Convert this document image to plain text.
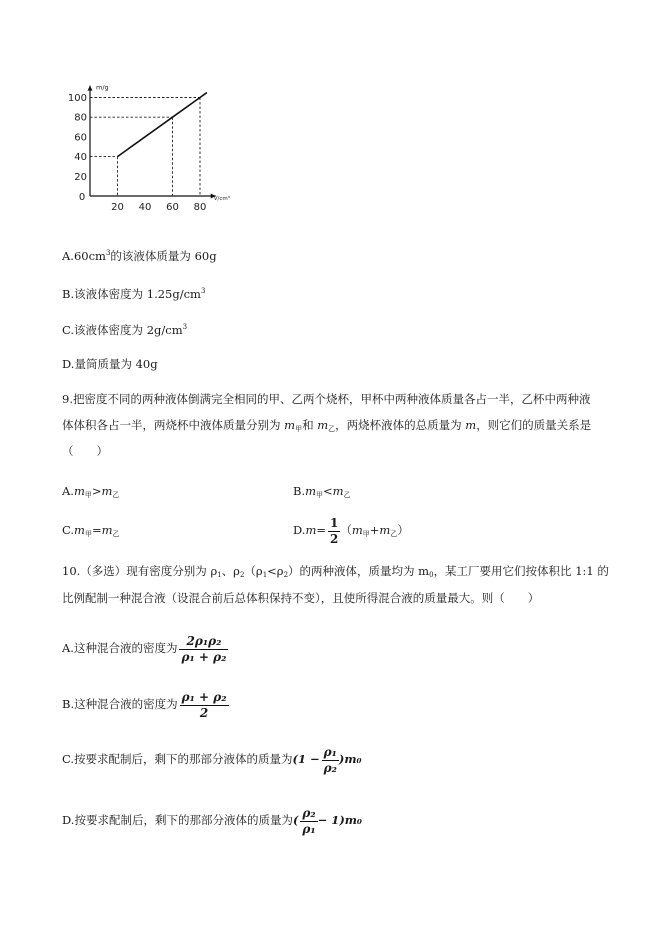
m/g
V/cm³
20
40
60
80
100
0
20 40 60 80
$A.60cm^3$的该液体质量为 60g
B.该液体密度为 $1.25g/cm^3$
C.该液体密度为 $2g/cm^3$
D.量筒质量为 40g
9.把密度不同的两种液体倒满完全相同的甲、乙两个烧杯，甲杯中两种液体质量各占一半，乙杯中两种液
体体积各占一半，两烧杯中液体质量分别为 $m_甲$和 $m_乙$，两烧杯液体的总质量为 m，则它们的质量关系是
（　　）
$A.m_甲>m_乙$	$B.m_甲<m_乙$
$C.m_甲=m_乙$	$D.m= \frac{1}{2} (m_甲+m_乙)$
10.（多选）现有密度分别为 $\rho_1$、$\rho_2(\rho_1<\rho_2)$的两种液体，质量均为 $m_0$，某工厂要用它们按体积比 1:1 的
比例配制一种混合液（设混合前后总体积保持不变），且使所得混合液的质量最大。则（　　）
A.这种混合液的密度为 $\frac{\text{2ρ₁ρ₂}}{\text{ρ₁ + ρ₂}}$
B.这种混合液的密度为 $\frac{\text{ρ₁ + ρ₂}}{2}$
C.按要求配制后，剩下的那部分液体的质量为$(1 - \frac{\text{ρ₁}}{\text{ρ₂}} )m_0$
D.按要求配制后，剩下的那部分液体的质量为( $\frac{\text{ρ₂}}{\text{ρ₁}} - 1)m_0$
